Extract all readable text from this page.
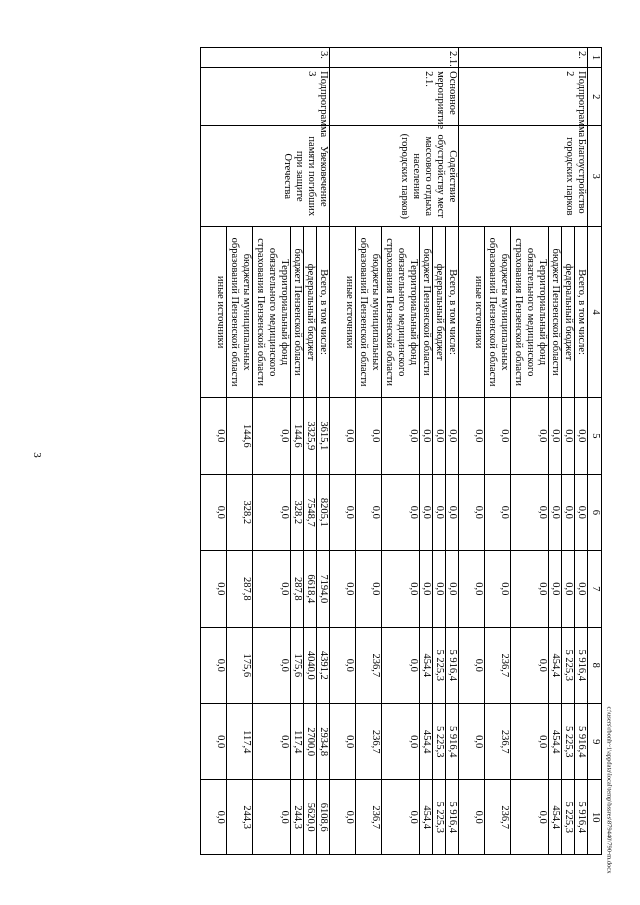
3
1	2	3	4	5	6	7	8	9	10
2.	Подпрограмма 2	Благоустройство городских парков	Всего, в том числе:	0,0	0,0	0,0	5 916,4	5 916,4	5 916,4
			федеральный бюджет	0,0	0,0	0,0	5 225,3	5 225,3	5 225,3
			бюджет Пензенской области	0,0	0,0	0,0	454,4	454,4	454,4
			Территориальный фонд обязательного медицинского страхования Пензенской области	0,0	0,0	0,0	0,0	0,0	0,0
			бюджеты муниципальных образований Пензенской области	0,0	0,0	0,0	236,7	236,7	236,7
			иные источники	0,0	0,0	0,0	0,0	0,0	0,0
2.1.	Основное мероприятие 2.1.	Содействие обустройству мест массового отдыха населения (городских парков)	Всего, в том числе:	0,0	0,0	0,0	5 916,4	5 916,4	5 916,4
			федеральный бюджет	0,0	0,0	0,0	5 225,3	5 225,3	5 225,3
			бюджет Пензенской области	0,0	0,0	0,0	454,4	454,4	454,4
			Территориальный фонд обязательного медицинского страхования Пензенской области	0,0	0,0	0,0	0,0	0,0	0,0
			бюджеты муниципальных образований Пензенской области	0,0	0,0	0,0	236,7	236,7	236,7
			иные источники	0,0	0,0	0,0	0,0	0,0	0,0
3.	Подпрограмма 3	Увековечение памяти погибших при защите Отечества	Всего, в том числе:	3615,1	8205,1	7194,0	4391,2	2934,8	6108,6
			федеральный бюджет	3325,9	7548,7	6618,4	4040,0	2700,0	5620,0
			бюджет Пензенской области	144,6	328,2	287,8	175,6	117,4	244,3
			Территориальный фонд обязательного медицинского страхования Пензенской области	0,0	0,0	0,0	0,0	0,0	0,0
			бюджеты муниципальных образований Пензенской области	144,6	328,2	287,8	175,6	117,4	244,3
			иные источники	0,0	0,0	0,0	0,0	0,0	0,0	c:\users\rbonh~1\appdata\local\temp\bssres\879440\790-m.docx
